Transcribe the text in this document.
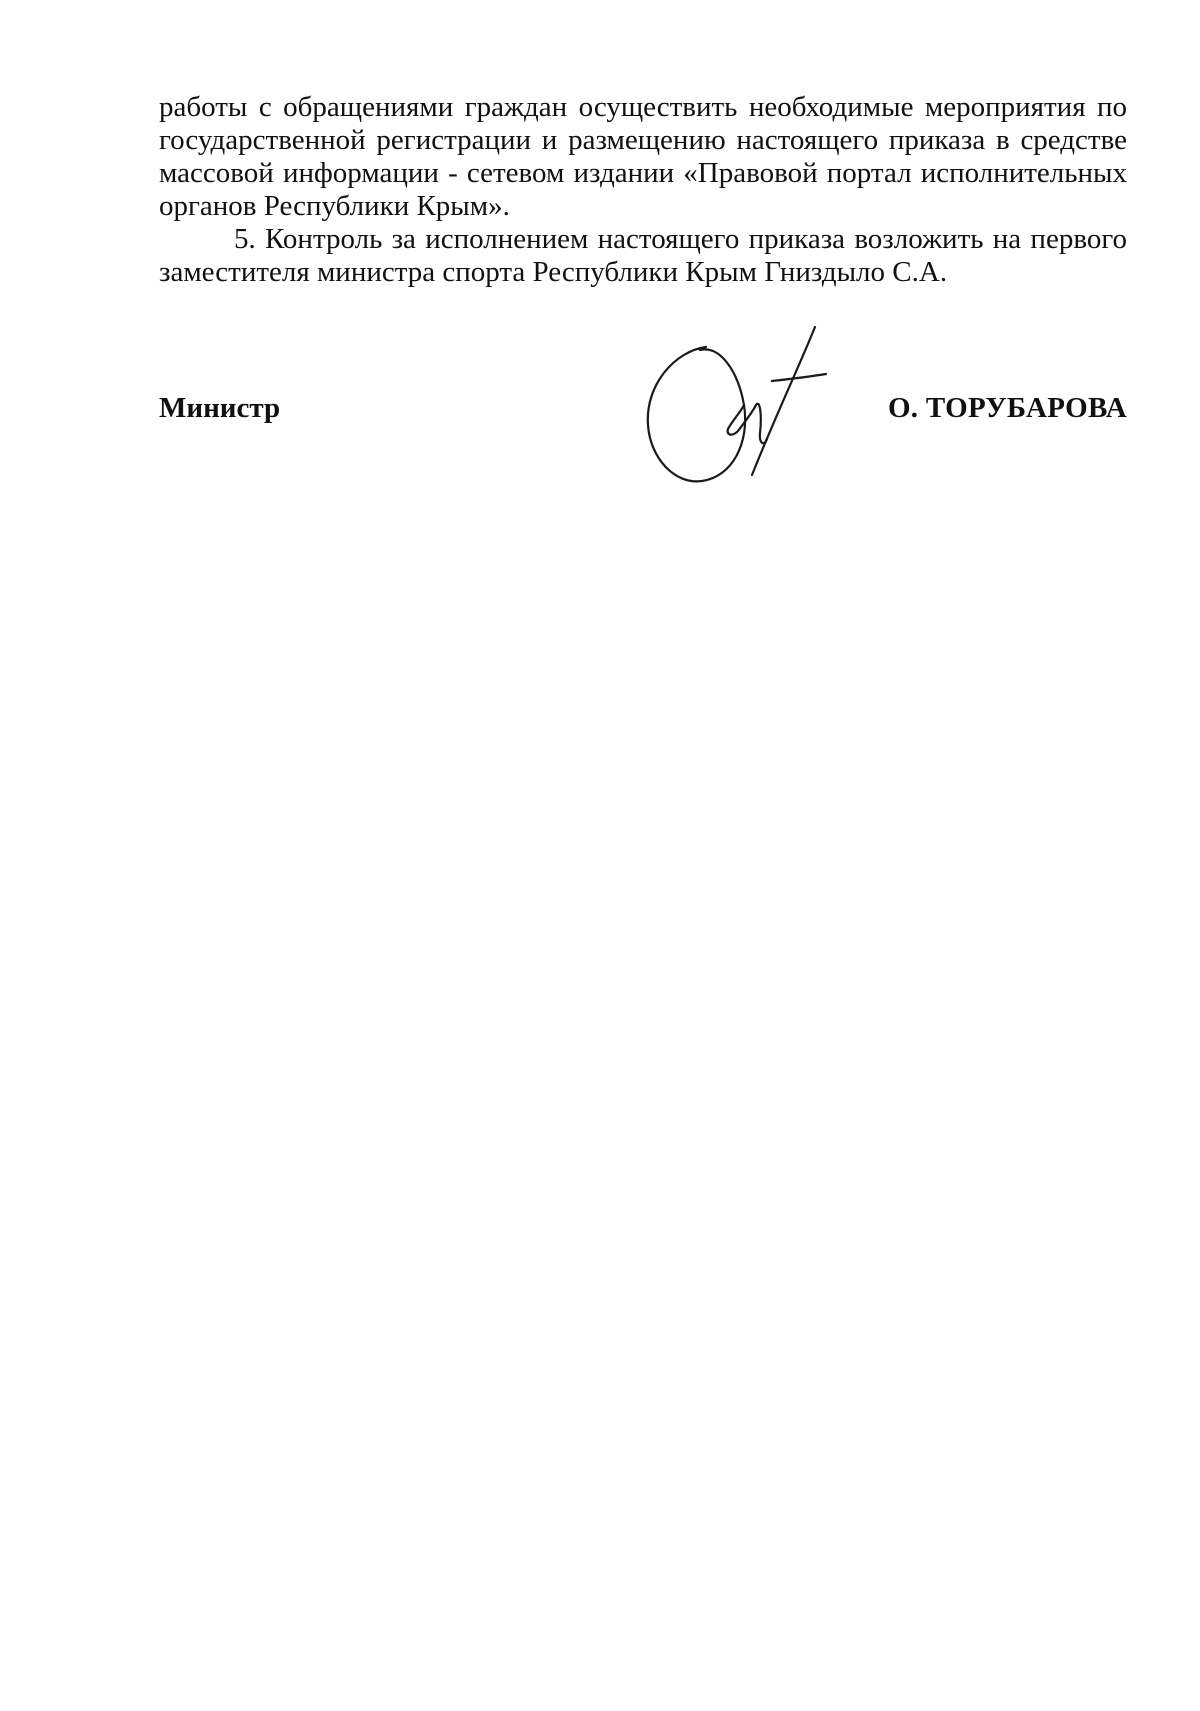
работы с обращениями граждан осуществить необходимые мероприятия по государственной регистрации и размещению настоящего приказа в средстве массовой информации - сетевом издании «Правовой портал исполнительных органов Республики Крым».

5. Контроль за исполнением настоящего приказа возложить на первого заместителя министра спорта Республики Крым Гниздыло С.А.

Министр	О. ТОРУБАРОВА
